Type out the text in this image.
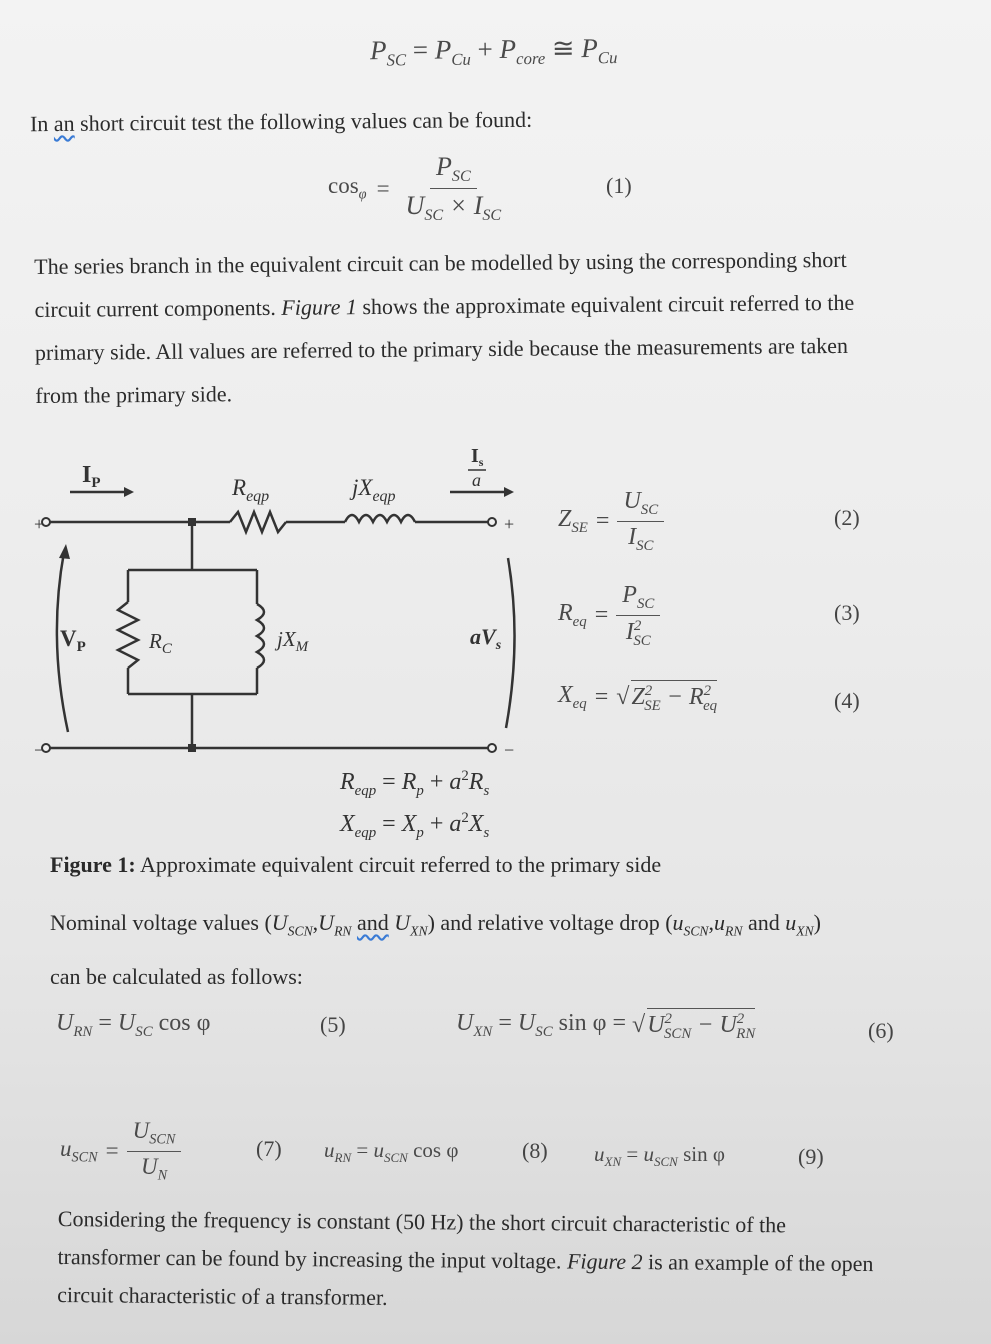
$P_{SC} = P_{Cu} + P_{core}$ ≅ $P_{Cu}$
In an short circuit test the following values can be found:
$\cos_\varphi = \frac{P_{SC}}{U_{SC} \times I_{SC}}$	(1)
The series branch in the equivalent circuit can be modelled by using the corresponding short
circuit current components. Figure 1 shows the approximate equivalent circuit referred to the
primary side. All values are referred to the primary side because the measurements are taken
from the primary side.
$I_P$	$R_{eqp}$	$jX_{eqp}$
$I_s$
a
$V_P$	$R_C$	$jX_M$	$aV_s$
+
−
+
−
$Z_{SE} = \frac{U_{SC}}{I_{SC}}$	(2)
$R_{eq} = \frac{P_{SC}}{I^2_{SC}}$	(3)
$X_{eq}$ = √ $Z^2_{SE} - R^2_{eq}$	(4)
$R_{eqp} = R_p + a^2R_s$
$X_{eqp} = X_p + a^2X_s$
Figure 1: Approximate equivalent circuit referred to the primary side
Nominal voltage values ($U_{SCN},U_{RN}$ and $U_{XN}$) and relative voltage drop ($u_{SCN},u_{RN}$ and $u_{XN}$)
can be calculated as follows:
$U_{RN} = U_{SC}$ cos φ	(5)	$U_{XN} = U_{SC}$ sin φ = √ $U^2_{SCN} - U^2_{RN}$	(6)
$u_{SCN} = \frac{U_{SCN}}{U_N}$	(7) $u_{RN} = u_{SCN}$ cos φ	(8) $u_{XN} = u_{SCN}$ sin φ	(9)
Considering the frequency is constant (50 Hz) the short circuit characteristic of the
transformer can be found by increasing the input voltage. Figure 2 is an example of the open
circuit characteristic of a transformer.
